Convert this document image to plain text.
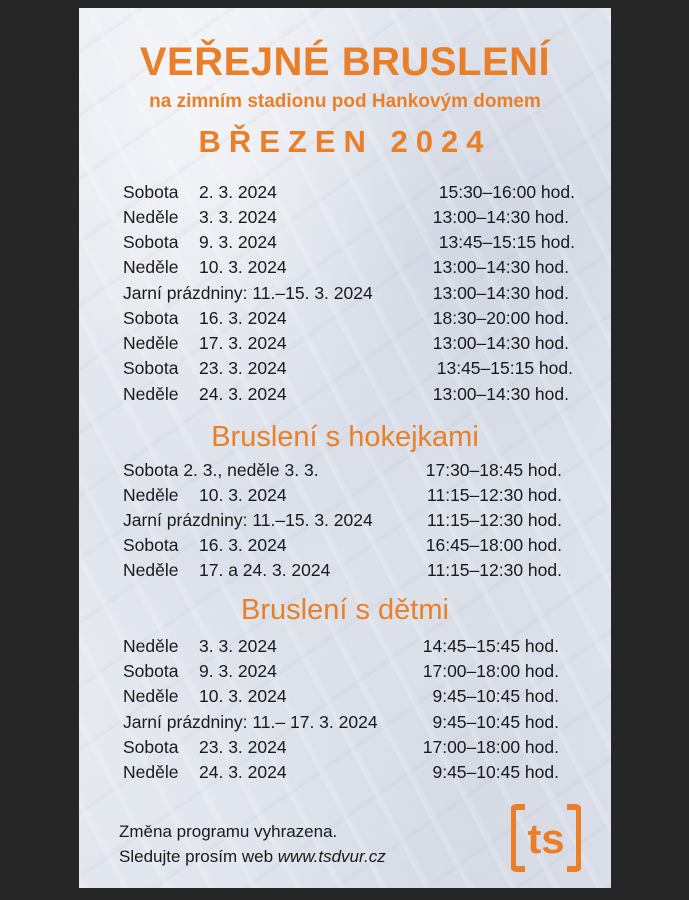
VEŘEJNÉ BRUSLENÍ
na zimním stadionu pod Hankovým domem
BŘEZEN 2024
Sobota 2. 3. 2024	15:30–16:00 hod.
Neděle 3. 3. 2024	13:00–14:30 hod.
Sobota 9. 3. 2024	13:45–15:15 hod.
Neděle 10. 3. 2024	13:00–14:30 hod.
Jarní prázdniny: 11.–15. 3. 2024	13:00–14:30 hod.
Sobota 16. 3. 2024	18:30–20:00 hod.
Neděle 17. 3. 2024	13:00–14:30 hod.
Sobota 23. 3. 2024	13:45–15:15 hod.
Neděle 24. 3. 2024	13:00–14:30 hod.
Bruslení s hokejkami
Sobota 2. 3., neděle 3. 3.	17:30–18:45 hod.
Neděle 10. 3. 2024	11:15–12:30 hod.
Jarní prázdniny: 11.–15. 3. 2024	11:15–12:30 hod.
Sobota 16. 3. 2024	16:45–18:00 hod.
Neděle 17. a 24. 3. 2024	11:15–12:30 hod.
Bruslení s dětmi
Neděle 3. 3. 2024	14:45–15:45 hod.
Sobota 9. 3. 2024	17:00–18:00 hod.
Neděle 10. 3. 2024	9:45–10:45 hod.
Jarní prázdniny: 11.– 17. 3. 2024	9:45–10:45 hod.
Sobota 23. 3. 2024	17:00–18:00 hod.
Neděle 24. 3. 2024	9:45–10:45 hod.
Změna programu vyhrazena.
Sledujte prosím web www.tsdvur.cz	ts
